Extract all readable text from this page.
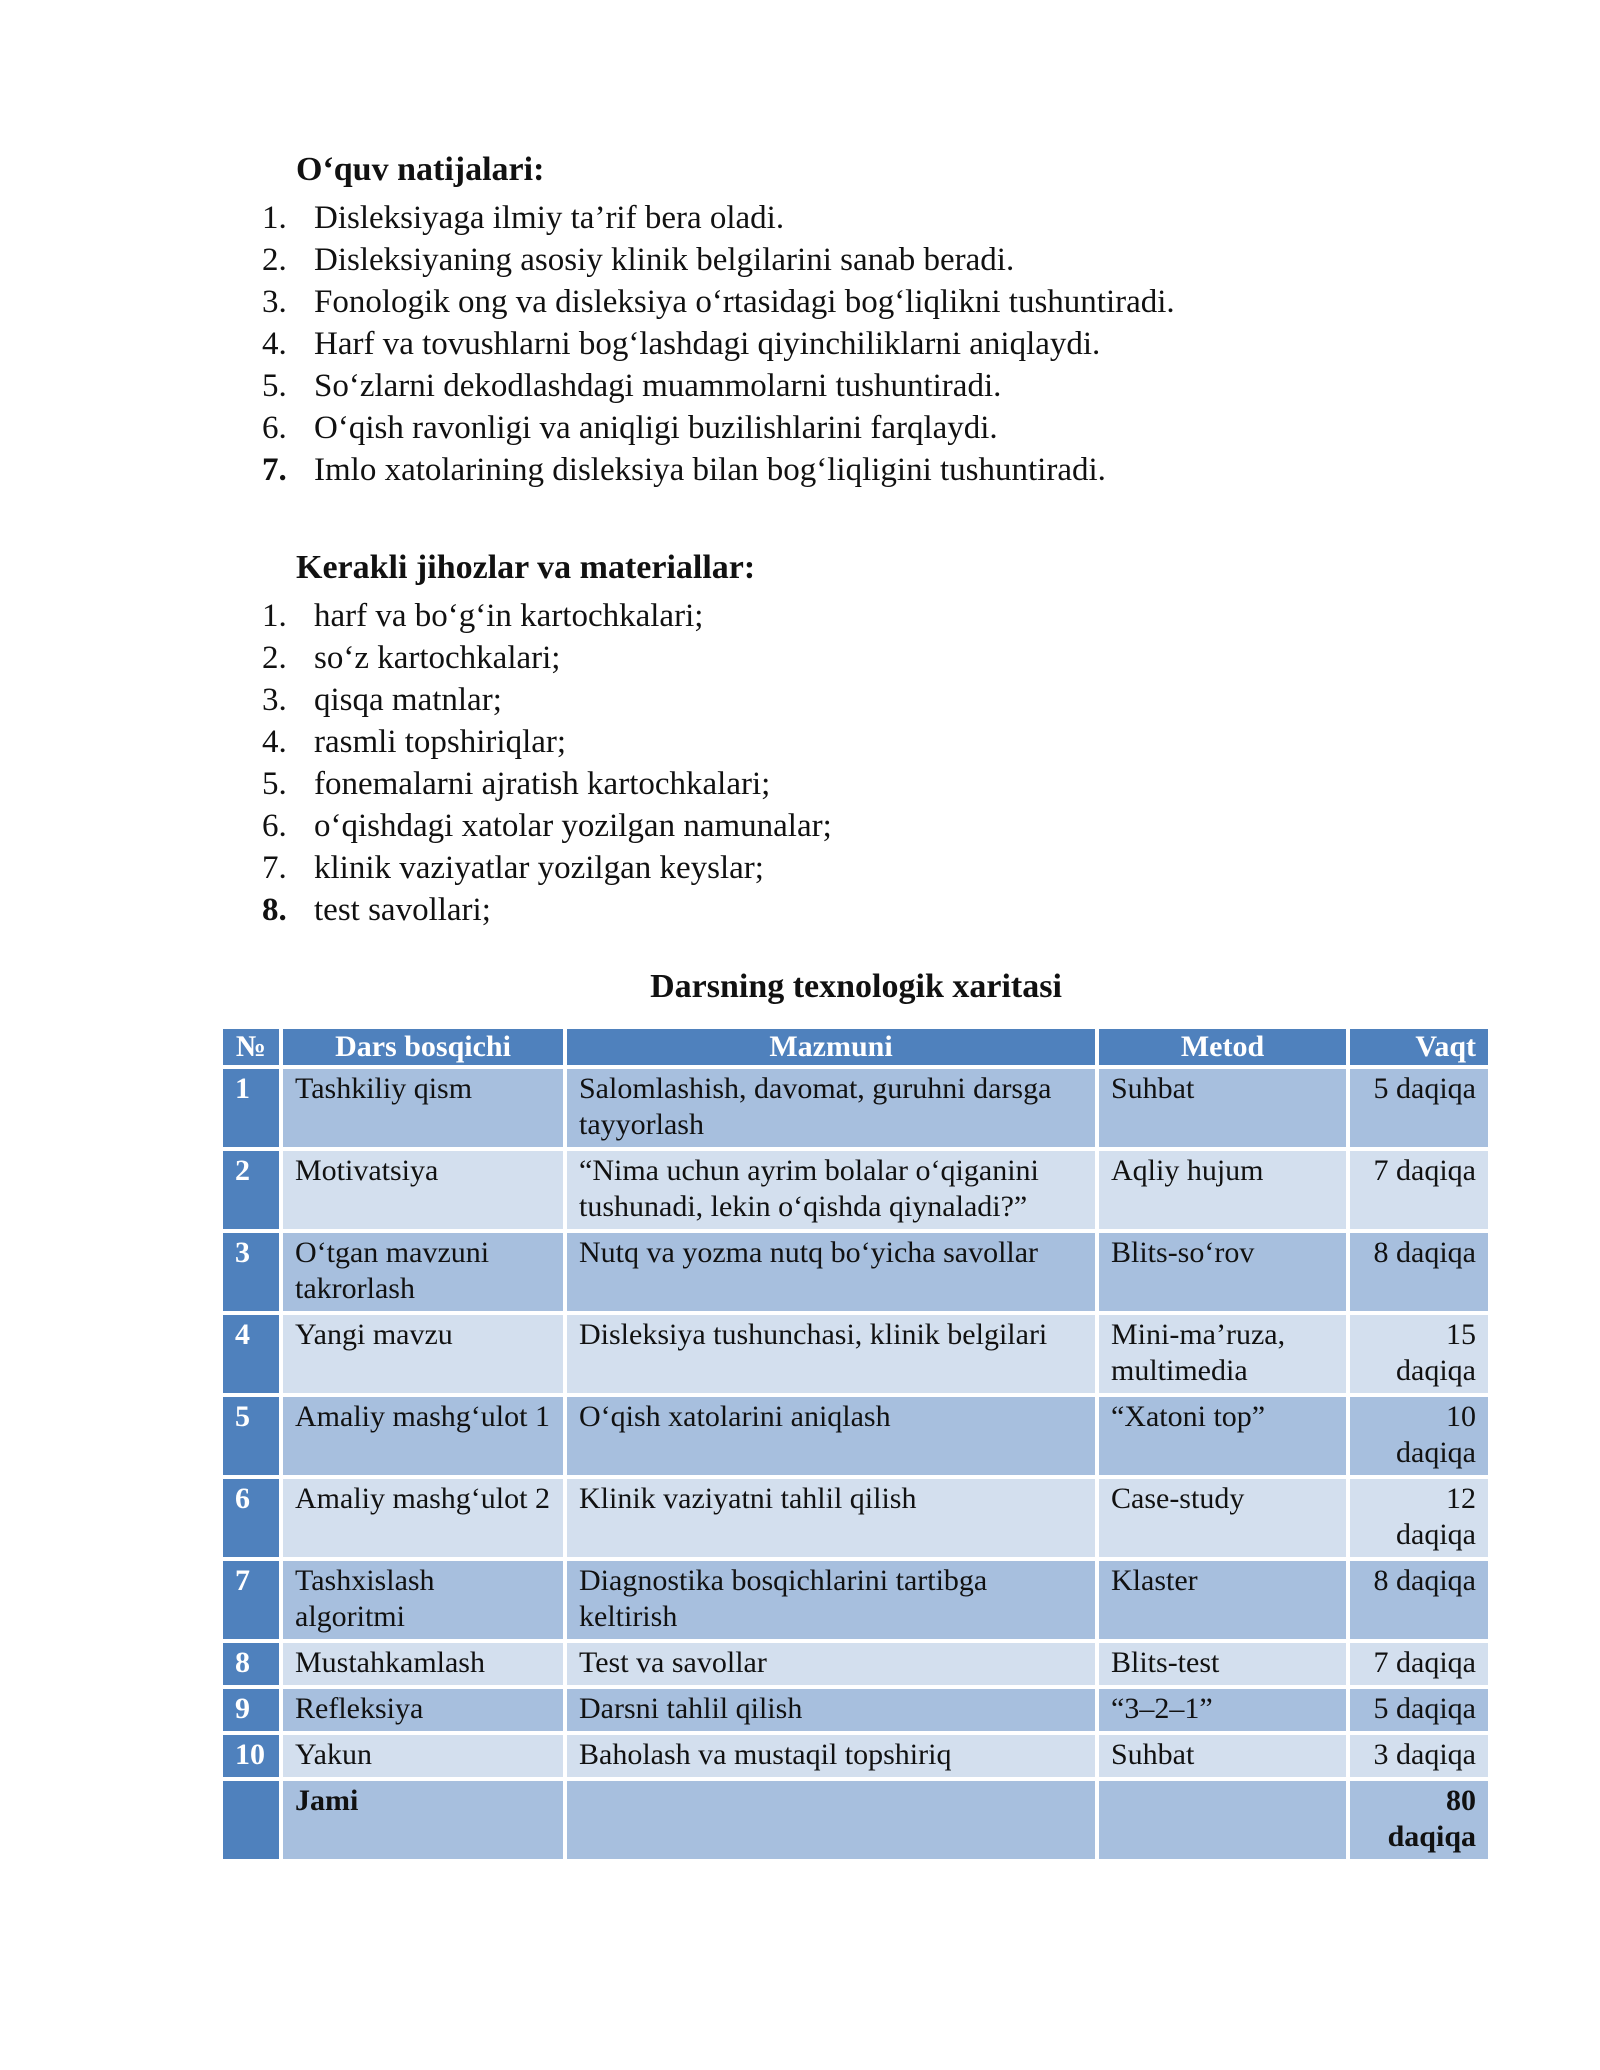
O‘quv natijalari:
1. Disleksiyaga ilmiy ta’rif bera oladi.
2. Disleksiyaning asosiy klinik belgilarini sanab beradi.
3. Fonologik ong va disleksiya o‘rtasidagi bog‘liqlikni tushuntiradi.
4. Harf va tovushlarni bog‘lashdagi qiyinchiliklarni aniqlaydi.
5. So‘zlarni dekodlashdagi muammolarni tushuntiradi.
6. O‘qish ravonligi va aniqligi buzilishlarini farqlaydi.
7. Imlo xatolarining disleksiya bilan bog‘liqligini tushuntiradi.
Kerakli jihozlar va materiallar:
1. harf va bo‘g‘in kartochkalari;
2. so‘z kartochkalari;
3. qisqa matnlar;
4. rasmli topshiriqlar;
5. fonemalarni ajratish kartochkalari;
6. o‘qishdagi xatolar yozilgan namunalar;
7. klinik vaziyatlar yozilgan keyslar;
8. test savollari;
Darsning texnologik xaritasi
№	Dars bosqichi	Mazmuni	Metod	Vaqt
1	Tashkiliy qism	Salomlashish, davomat, guruhni darsga tayyorlash	Suhbat	5 daqiqa
2	Motivatsiya	“Nima uchun ayrim bolalar o‘qiganini tushunadi, lekin o‘qishda qiynaladi?”	Aqliy hujum	7 daqiqa
3	O‘tgan mavzuni takrorlash	Nutq va yozma nutq bo‘yicha savollar	Blits-so‘rov	8 daqiqa
4	Yangi mavzu	Disleksiya tushunchasi, klinik belgilari	Mini-ma’ruza, multimedia	15 daqiqa
5	Amaliy mashg‘ulot 1	O‘qish xatolarini aniqlash	“Xatoni top”	10 daqiqa
6	Amaliy mashg‘ulot 2	Klinik vaziyatni tahlil qilish	Case-study	12 daqiqa
7	Tashxislash algoritmi	Diagnostika bosqichlarini tartibga keltirish	Klaster	8 daqiqa
8	Mustahkamlash	Test va savollar	Blits-test	7 daqiqa
9	Refleksiya	Darsni tahlil qilish	“3–2–1”	5 daqiqa
10	Yakun	Baholash va mustaqil topshiriq	Suhbat	3 daqiqa
	Jami			80 daqiqa
